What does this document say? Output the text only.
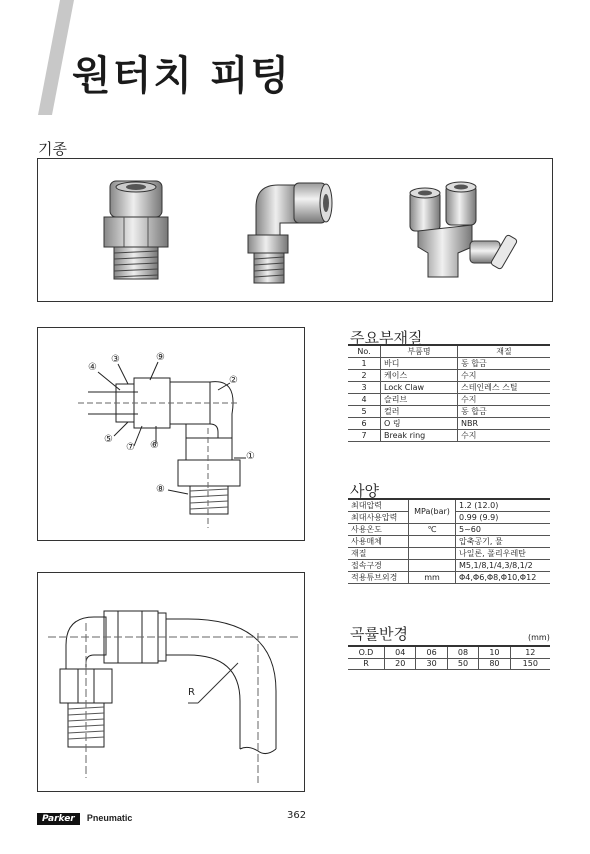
원터치 피팅
기종
④
③	⑨
②
①
⑤
⑦ ⑥
⑧
주요부재질
No.	부품명	재질
1	바디	동 합금
2	케이스	수지
3	Lock Claw	스테인레스 스틸
4	슬리브	수지
5	컬러	동 합금
6	O 링	NBR
7	Break ring	수지
사양
최대압력	MPa(bar)	1.2 (12.0)
최대사용압력		0.99 (9.9)
사용온도	℃	5~60
사용매체		압축공기, 물
재질		나일론, 폴리우레탄
접속구경		M5,1/8,1/4,3/8,1/2
적용튜브외경	mm	Φ4,Φ6,Φ8,Φ10,Φ12
R
곡률반경	(mm)
O.D	04	06	08	10	12
R	20	30	50	80	150
Parker Pneumatic	362
